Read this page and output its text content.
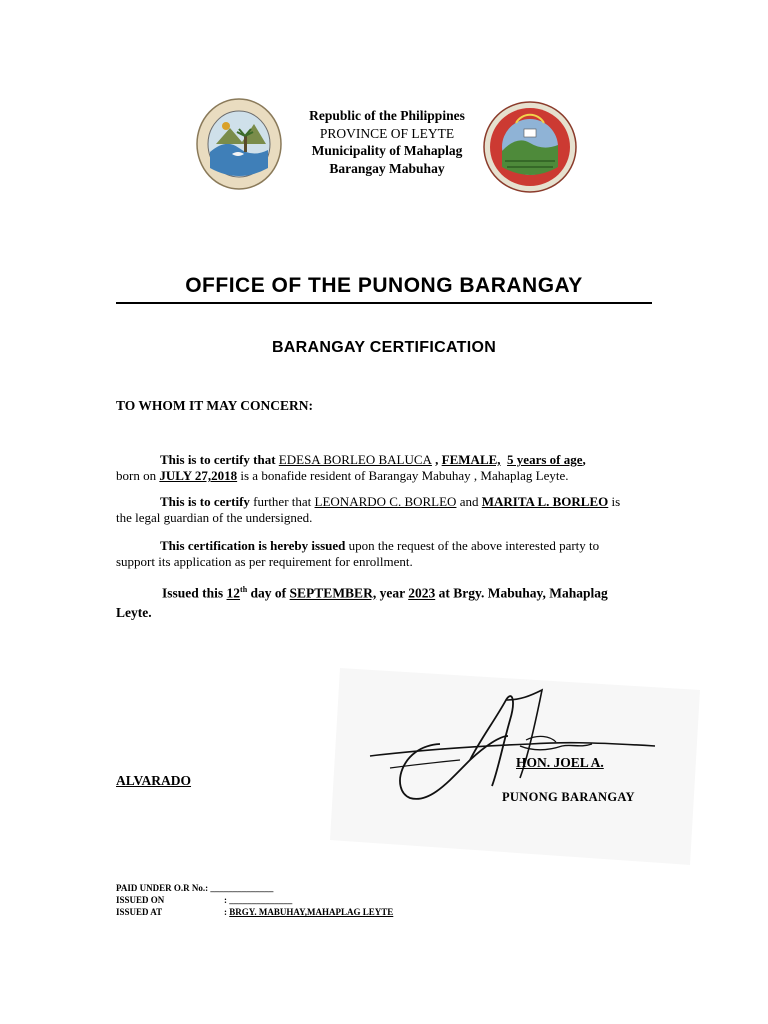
Republic of the Philippines
PROVINCE OF LEYTE
Municipality of Mahaplag
Barangay Mabuhay
OFFICE OF THE PUNONG BARANGAY
BARANGAY CERTIFICATION
TO WHOM IT MAY CONCERN:
This is to certify that EDESA BORLEO BALUCA , FEMALE, 5 years of age,
born on JULY 27,2018 is a bonafide resident of Barangay Mabuhay , Mahaplag Leyte.
This is to certify further that LEONARDO C. BORLEO and MARITA L. BORLEO is the legal guardian of the undersigned.
This certification is hereby issued upon the request of the above interested party to support its application as per requirement for enrollment.
Issued this 12th day of SEPTEMBER, year 2023 at Brgy. Mabuhay, Mahaplag Leyte.
HON. JOEL A.
ALVARADO
PUNONG BARANGAY
PAID UNDER O.R No.: ______________
ISSUED ON	: ______________
ISSUED AT	: BRGY. MABUHAY,MAHAPLAG LEYTE
